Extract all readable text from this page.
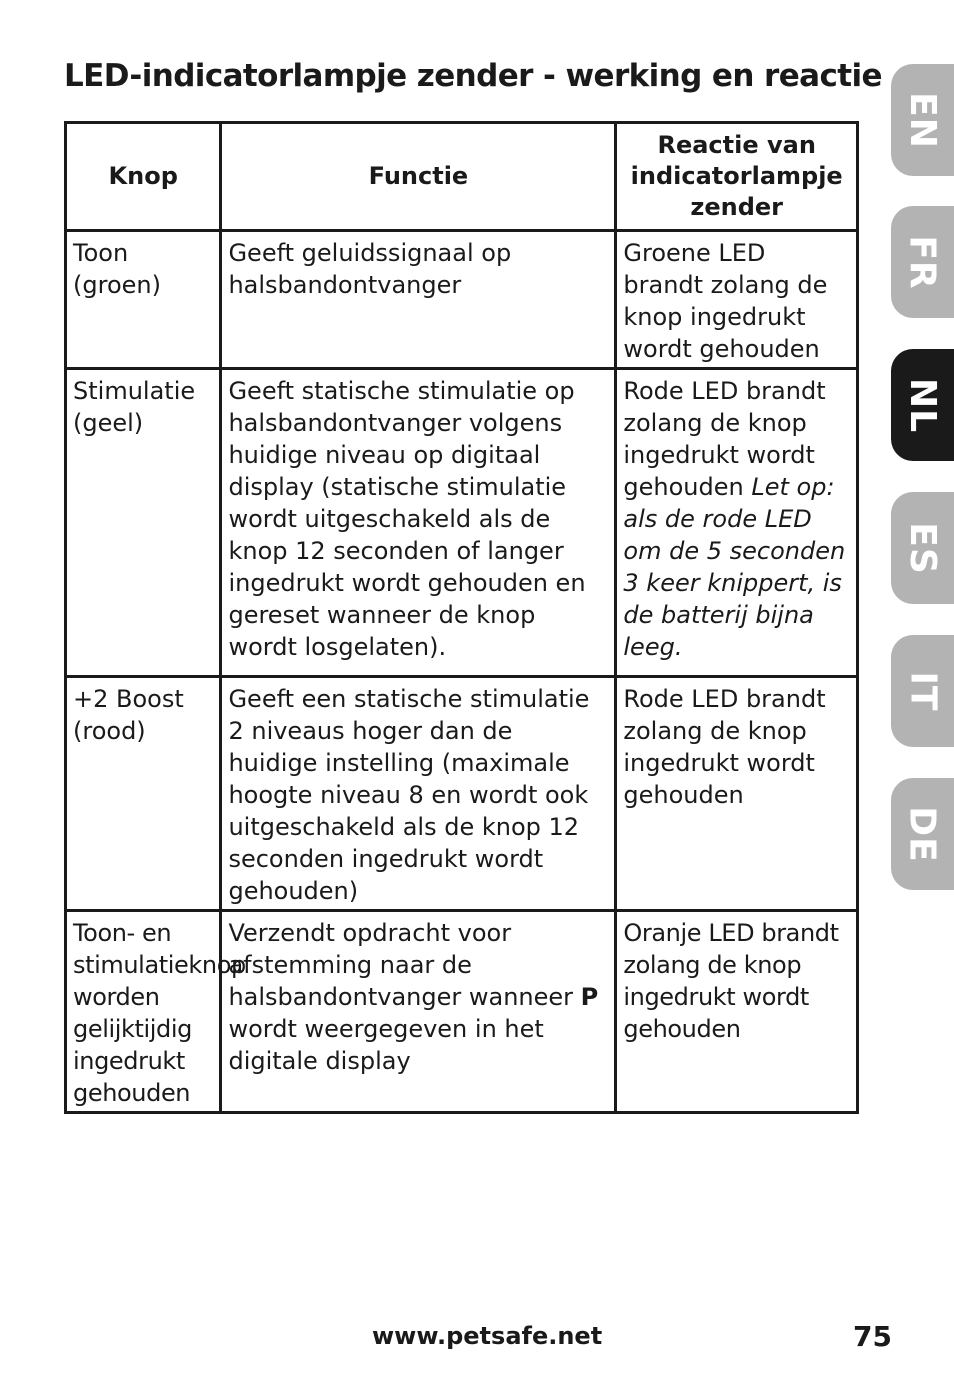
LED-indicatorlampje zender - werking en reactie
Knop	Functie	Reactie van indicatorlampje zender
Toon (groen)	Geeft geluidssignaal op halsbandontvanger	Groene LED brandt zolang de knop ingedrukt wordt gehouden
Stimulatie (geel)	Geeft statische stimulatie op halsbandontvanger volgens huidige niveau op digitaal display (statische stimulatie wordt uitgeschakeld als de knop 12 seconden of langer ingedrukt wordt gehouden en gereset wanneer de knop wordt losgelaten).	Rode LED brandt zolang de knop ingedrukt wordt gehouden Let op: als de rode LED om de 5 seconden 3 keer knippert, is de batterij bijna leeg.
+2 Boost (rood)	Geeft een statische stimulatie 2 niveaus hoger dan de huidige instelling (maximale hoogte niveau 8 en wordt ook uitgeschakeld als de knop 12 seconden ingedrukt wordt gehouden)	Rode LED brandt zolang de knop ingedrukt wordt gehouden
Toon- en stimulatieknop worden gelijktijdig ingedrukt gehouden	Verzendt opdracht voor afstemming naar de halsbandontvanger wanneer P wordt weergegeven in het digitale display	Oranje LED brandt zolang de knop ingedrukt wordt gehouden
EN
FR
NL
ES
IT
DE
www.petsafe.net	75
